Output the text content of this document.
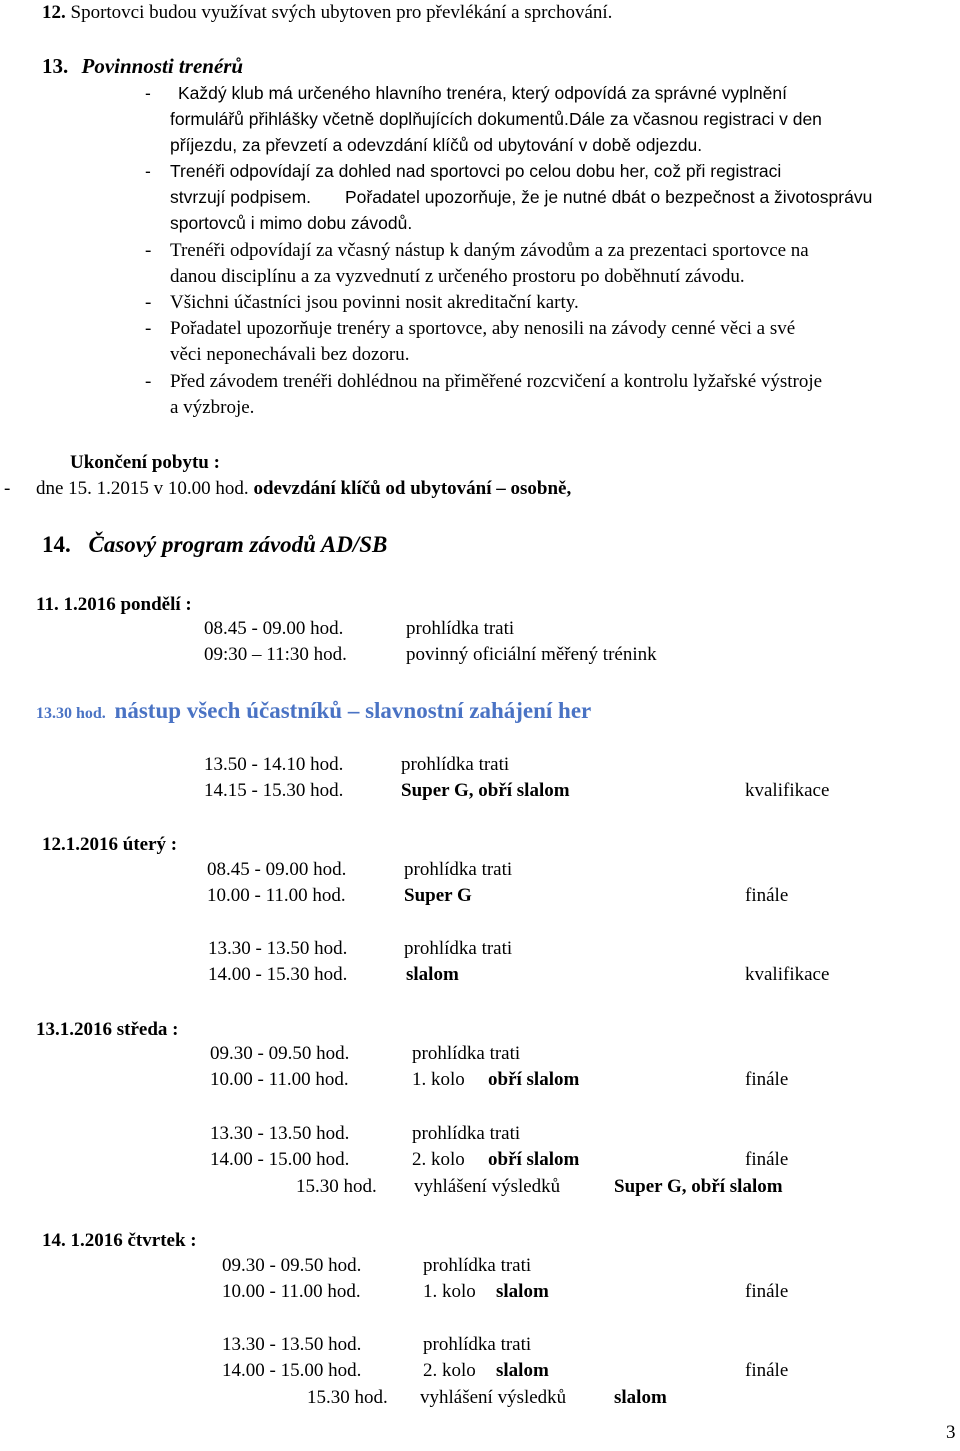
12. Sportovci budou využívat svých ubytoven pro převlékání a sprchování.
13. Povinnosti trenérů
- Každý klub má určeného hlavního trenéra, který odpovídá za správné vyplnění
formulářů přihlášky včetně doplňujících dokumentů. Dále za včasnou registraci v den
příjezdu, za převzetí a odevzdání klíčů od ubytování v době odjezdu.
- Trenéři odpovídají za dohled nad sportovci po celou dobu her, což při registraci
stvrzují podpisem. Pořadatel upozorňuje, že je nutné dbát o bezpečnost a životosprávu
sportovců i mimo dobu závodů.
- Trenéři odpovídají za včasný nástup k daným závodům a za prezentaci sportovce na
danou disciplínu a za vyzvednutí z určeného prostoru po doběhnutí závodu.
- Všichni účastníci jsou povinni nosit akreditační karty.
- Pořadatel upozorňuje trenéry a sportovce, aby nenosili na závody cenné věci a své
věci neponechávali bez dozoru.
- Před závodem trenéři dohlédnou na přiměřené rozcvičení a kontrolu lyžařské výstroje
a výzbroje.
Ukončení pobytu :
- dne 15. 1.2015 v 10.00 hod. odevzdání klíčů od ubytování – osobně,
14. Časový program závodů AD/SB
11. 1.2016 pondělí :
08.45 - 09.00 hod.	prohlídka trati
09:30 – 11:30 hod.	povinný oficiální měřený trénink
13.30 hod. nástup všech účastníků – slavnostní zahájení her
13.50 - 14.10 hod.	prohlídka trati
14.15 - 15.30 hod.	Super G, obří slalom	kvalifikace
12.1.2016 úterý :
08.45 - 09.00 hod.	prohlídka trati
10.00 - 11.00 hod.	Super G	finále
13.30 - 13.50 hod.	prohlídka trati
14.00 - 15.30 hod.	slalom	kvalifikace
13.1.2016 středa :
09.30 - 09.50 hod.	prohlídka trati
10.00 - 11.00 hod.	1. kolo obří slalom	finále
13.30 - 13.50 hod.	prohlídka trati
14.00 - 15.00 hod.	2. kolo obří slalom	finále
15.30 hod. vyhlášení výsledků	Super G, obří slalom
14. 1.2016 čtvrtek :
09.30 - 09.50 hod.	prohlídka trati
10.00 - 11.00 hod.	1. kolo slalom	finále
13.30 - 13.50 hod.	prohlídka trati
14.00 - 15.00 hod.	2. kolo slalom	finále
15.30 hod. vyhlášení výsledků	slalom
3
